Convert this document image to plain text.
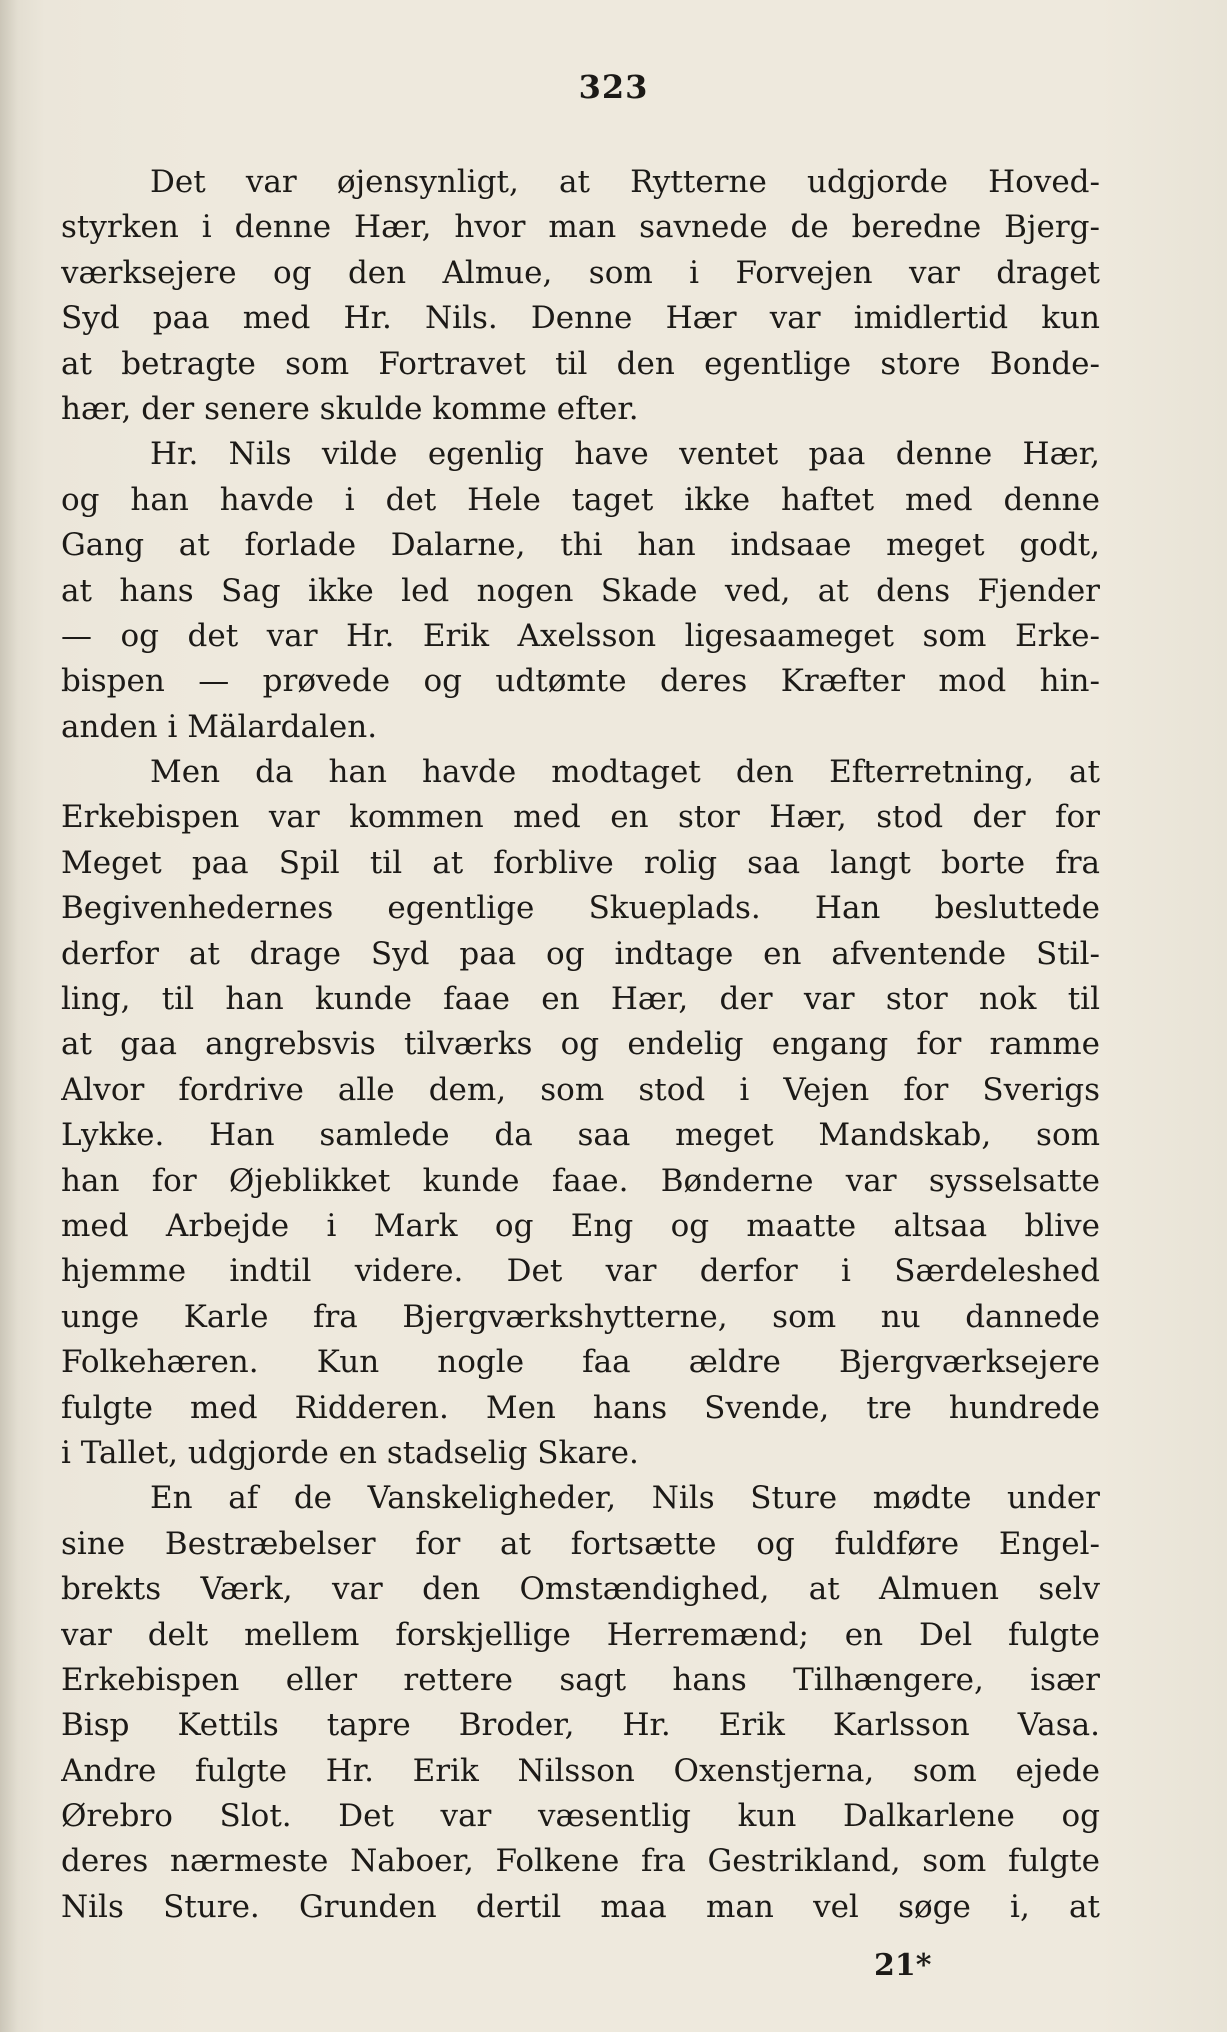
323
Det var øjensynligt, at Rytterne udgjorde Hoved-
styrken i denne Hær, hvor man savnede de beredne Bjerg-
værksejere og den Almue, som i Forvejen var draget
Syd paa med Hr. Nils. Denne Hær var imidlertid kun
at betragte som Fortravet til den egentlige store Bonde-
hær, der senere skulde komme efter.
Hr. Nils vilde egenlig have ventet paa denne Hær,
og han havde i det Hele taget ikke haftet med denne
Gang at forlade Dalarne, thi han indsaae meget godt,
at hans Sag ikke led nogen Skade ved, at dens Fjender
— og det var Hr. Erik Axelsson ligesaameget som Erke-
bispen — prøvede og udtømte deres Kræfter mod hin-
anden i Mälardalen.
Men da han havde modtaget den Efterretning, at
Erkebispen var kommen med en stor Hær, stod der for
Meget paa Spil til at forblive rolig saa langt borte fra
Begivenhedernes egentlige Skueplads. Han besluttede
derfor at drage Syd paa og indtage en afventende Stil-
ling, til han kunde faae en Hær, der var stor nok til
at gaa angrebsvis tilværks og endelig engang for ramme
Alvor fordrive alle dem, som stod i Vejen for Sverigs
Lykke. Han samlede da saa meget Mandskab, som
han for Øjeblikket kunde faae. Bønderne var sysselsatte
med Arbejde i Mark og Eng og maatte altsaa blive
hjemme indtil videre. Det var derfor i Særdeleshed
unge Karle fra Bjergværkshytterne, som nu dannede
Folkehæren. Kun nogle faa ældre Bjergværksejere
fulgte med Ridderen. Men hans Svende, tre hundrede
i Tallet, udgjorde en stadselig Skare.
En af de Vanskeligheder, Nils Sture mødte under
sine Bestræbelser for at fortsætte og fuldføre Engel-
brekts Værk, var den Omstændighed, at Almuen selv
var delt mellem forskjellige Herremænd; en Del fulgte
Erkebispen eller rettere sagt hans Tilhængere, især
Bisp Kettils tapre Broder, Hr. Erik Karlsson Vasa.
Andre fulgte Hr. Erik Nilsson Oxenstjerna, som ejede
Ørebro Slot. Det var væsentlig kun Dalkarlene og
deres nærmeste Naboer, Folkene fra Gestrikland, som fulgte
Nils Sture. Grunden dertil maa man vel søge i, at
21*
